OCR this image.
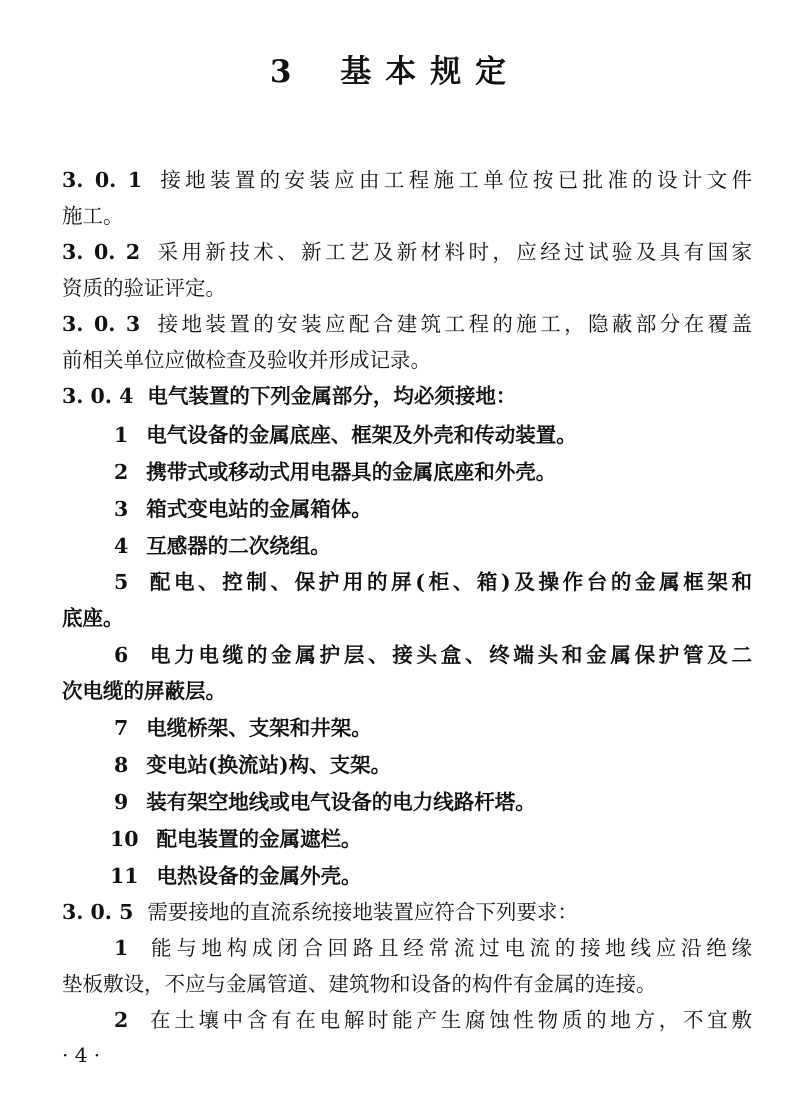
3 基本规定
3. 0. 1 接地装置的安装应由工程施工单位按已批准的设计文件
施工。
3. 0. 2 采用新技术、新工艺及新材料时，应经过试验及具有国家
资质的验证评定。
3. 0. 3 接地装置的安装应配合建筑工程的施工，隐蔽部分在覆盖
前相关单位应做检查及验收并形成记录。
3. 0. 4 电气装置的下列金属部分，均必须接地：
1 电气设备的金属底座、框架及外壳和传动装置。
2 携带式或移动式用电器具的金属底座和外壳。
3 箱式变电站的金属箱体。
4 互感器的二次绕组。
5 配电、控制、保护用的屏(柜、箱)及操作台的金属框架和
底座。
6 电力电缆的金属护层、接头盒、终端头和金属保护管及二
次电缆的屏蔽层。
7 电缆桥架、支架和井架。
8 变电站(换流站)构、支架。
9 装有架空地线或电气设备的电力线路杆塔。
10 配电装置的金属遮栏。
11 电热设备的金属外壳。
3. 0. 5 需要接地的直流系统接地装置应符合下列要求：
1 能与地构成闭合回路且经常流过电流的接地线应沿绝缘
垫板敷设，不应与金属管道、建筑物和设备的构件有金属的连接。
2 在土壤中含有在电解时能产生腐蚀性物质的地方，不宜敷
· 4 ·
